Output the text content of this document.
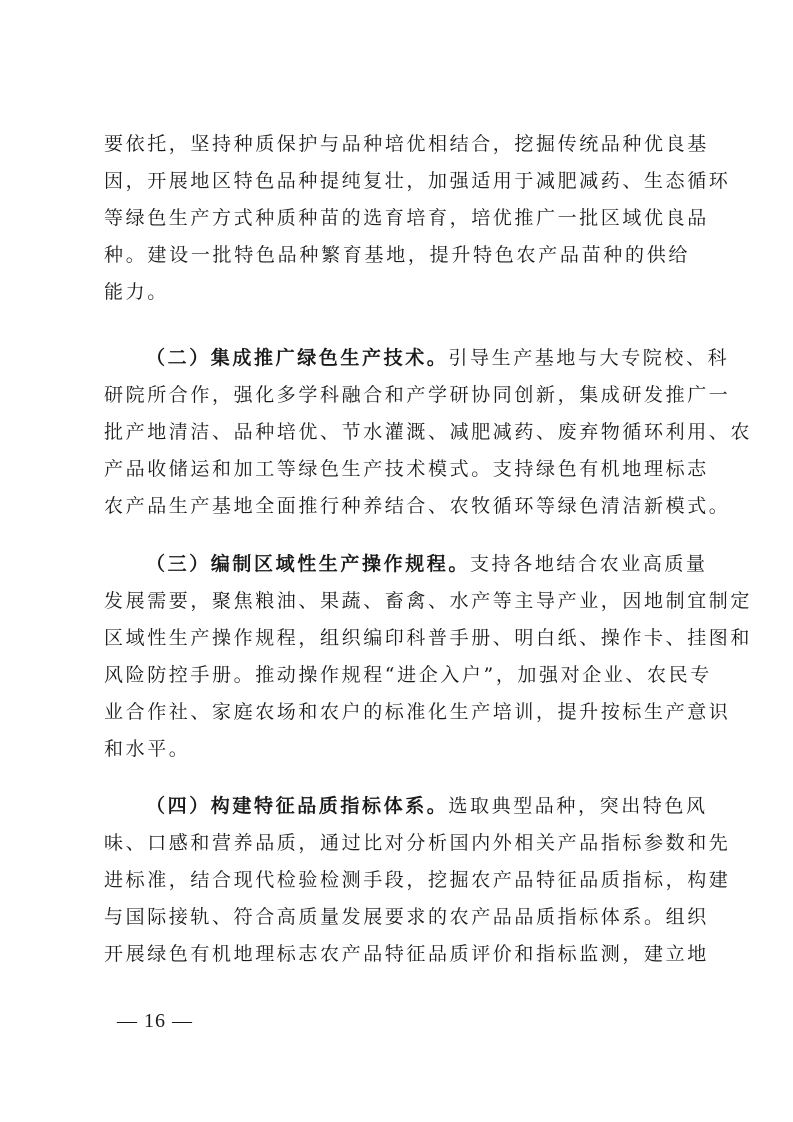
要依托，坚持种质保护与品种培优相结合，挖掘传统品种优良基
因，开展地区特色品种提纯复壮，加强适用于减肥减药、生态循环
等绿色生产方式种质种苗的选育培育，培优推广一批区域优良品
种。建设一批特色品种繁育基地，提升特色农产品苗种的供给
能力。
（二）集成推广绿色生产技术。引导生产基地与大专院校、科
研院所合作，强化多学科融合和产学研协同创新，集成研发推广一
批产地清洁、品种培优、节水灌溉、减肥减药、废弃物循环利用、农
产品收储运和加工等绿色生产技术模式。支持绿色有机地理标志
农产品生产基地全面推行种养结合、农牧循环等绿色清洁新模式。
（三）编制区域性生产操作规程。支持各地结合农业高质量
发展需要，聚焦粮油、果蔬、畜禽、水产等主导产业，因地制宜制定
区域性生产操作规程，组织编印科普手册、明白纸、操作卡、挂图和
风险防控手册。推动操作规程“进企入户”，加强对企业、农民专
业合作社、家庭农场和农户的标准化生产培训，提升按标生产意识
和水平。
（四）构建特征品质指标体系。选取典型品种，突出特色风
味、口感和营养品质，通过比对分析国内外相关产品指标参数和先
进标准，结合现代检验检测手段，挖掘农产品特征品质指标，构建
与国际接轨、符合高质量发展要求的农产品品质指标体系。组织
开展绿色有机地理标志农产品特征品质评价和指标监测，建立地
— 16 —
